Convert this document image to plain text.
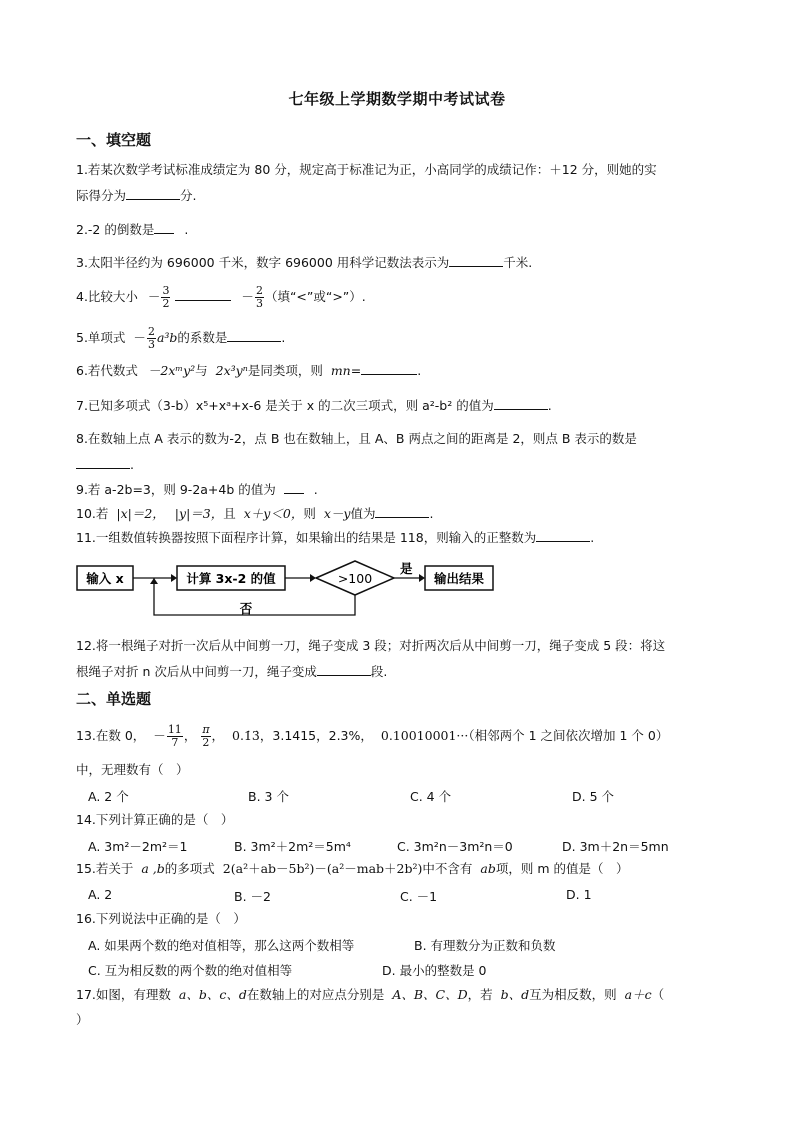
七年级上学期数学期中考试试卷
一、填空题
1.若某次数学考试标准成绩定为 80 分，规定高于标准记为正，小高同学的成绩记作：＋12 分，则她的实
际得分为	分.
2.-2 的倒数是 .
3.太阳半径约为 696000 千米，数字 696000 用科学记数法表示为	千米.
4.比较大小 － $\frac{3}{2}$	－ $\frac{2}{3}$ （填“<”或“>”）.
5.单项式 － $\frac{2}{3} a^3b$的系数是	.
6.若代数式 －2xᵐy²与 2x³yⁿ是同类项，则 mn=	.
7.已知多项式（3-b）x⁵+xᵃ+x-6 是关于 x 的二次三项式，则 a²-b² 的值为	.
8.在数轴上点 A 表示的数为-2，点 B 也在数轴上，且 A、B 两点之间的距离是 2，则点 B 表示的数是
.
9.若 a-2b=3，则 9-2a+4b 的值为	.
10.若 |x|＝2， |y|＝3，且 x＋y＜0，则 x－y值为	.
11.一组数值转换器按照下面程序计算，如果输出的结果是 118，则输入的正整数为	.
输入 x	计算 3x-2 的值	>100
是
输出结果
否
12.将一根绳子对折一次后从中间剪一刀，绳子变成 3 段；对折两次后从中间剪一刀，绳子变成 5 段：将这
根绳子对折 n 次后从中间剪一刀，绳子变成	段.
二、单选题
13.在数 0， － $\frac{11}{7}$ ， $\frac{\pi}{2}$ ， 0.1̇3̇，3.1415，2.3%， 0.10010001···（相邻两个 1 之间依次增加 1 个 0）
中，无理数有（　）
A. 2 个	B. 3 个	C. 4 个	D. 5 个
14.下列计算正确的是（　）
A. 3m²－2m²＝1	B. 3m²＋2m²＝5m⁴	C. 3m²n－3m²n＝0	D. 3m＋2n＝5mn
15.若关于 a ,b的多项式 2(a²＋ab－5b²)－(a²－mab＋2b²)中不含有 ab项，则 m 的值是（　）
A. 2	B. －2	C. －1	D. 1
16.下列说法中正确的是（　）
A. 如果两个数的绝对值相等，那么这两个数相等	B. 有理数分为正数和负数
C. 互为相反数的两个数的绝对值相等	D. 最小的整数是 0
17.如图，有理数 a、b、c、d在数轴上的对应点分别是 A、B、C、D，若 b、d互为相反数，则 a＋c（
）
